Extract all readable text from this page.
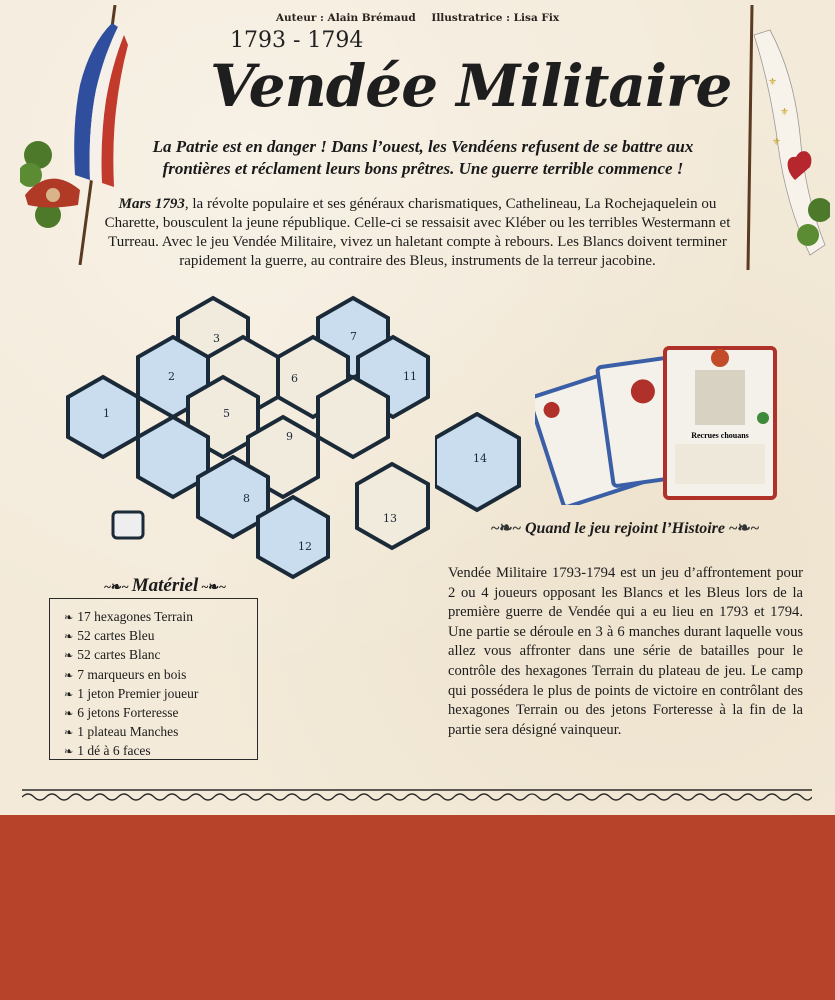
Auteur : Alain Brémaud Illustratrice : Lisa Fix
1793 - 1794
Vendée Militaire	⚜
⚜
⚜
La Patrie est en danger ! Dans l’ouest, les Vendéens refusent de se battre aux frontières et réclament leurs bons prêtres. Une guerre terrible commence !
Mars 1793, la révolte populaire et ses généraux charismatiques, Cathelineau, La Rochejaquelein ou Charette, bousculent la jeune république. Celle-ci se ressaisit avec Kléber ou les terribles Westermann et Turreau. Avec le jeu Vendée Militaire, vivez un haletant compte à rebours. Les Blancs doivent terminer rapidement la guerre, au contraire des Bleus, instruments de la terreur jacobine.
1
2
3
5
6
7
8
9
11
12
14
13
Recrues chouans
~❧~ Quand le jeu rejoint l’Histoire ~❧~
Vendée Militaire 1793-1794 est un jeu d’affrontement pour 2 ou 4 joueurs opposant les Blancs et les Bleus lors de la première guerre de Vendée qui a eu lieu en 1793 et 1794. Une partie se déroule en 3 à 6 manches durant laquelle vous allez vous affronter dans une série de batailles pour le contrôle des hexagones Terrain du plateau de jeu. Le camp qui possédera le plus de points de victoire en contrôlant des hexagones Terrain ou des jetons Forteresse à la fin de la partie sera désigné vainqueur.
~❧~ Matériel ~❧~
❧ 17 hexagones Terrain
❧ 52 cartes Bleu
❧ 52 cartes Blanc
❧ 7 marqueurs en bois
❧ 1 jeton Premier joueur
❧ 6 jetons Forteresse
❧ 1 plateau Manches
❧ 1 dé à 6 faces
